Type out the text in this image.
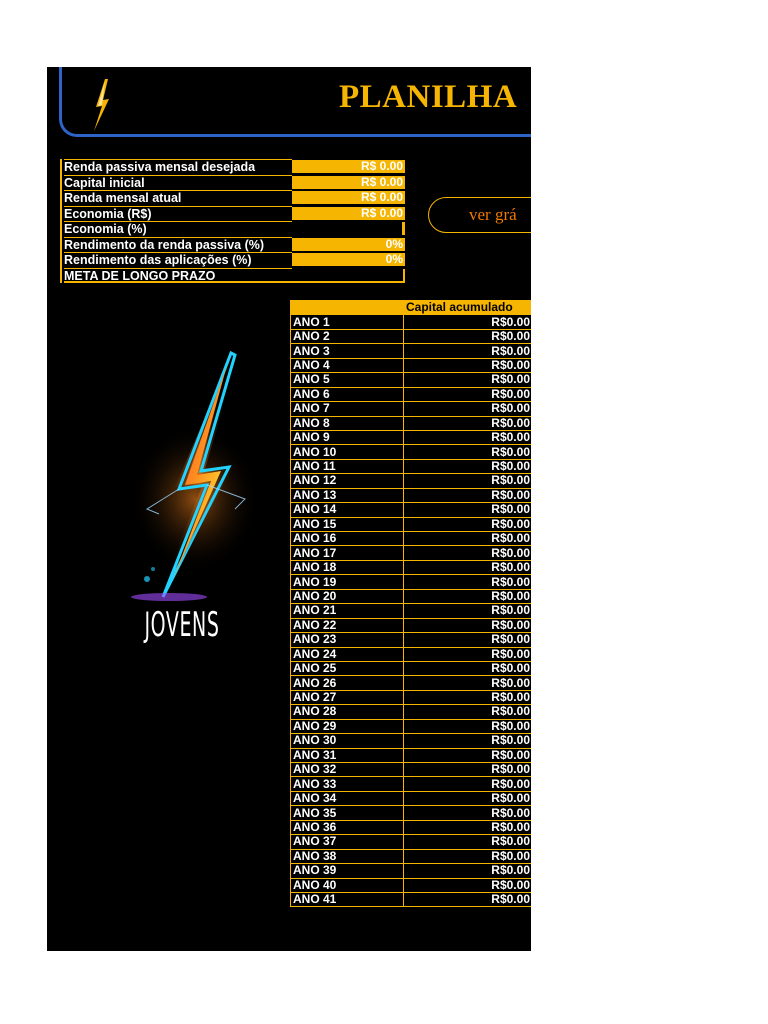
PLANILHA
Renda passiva mensal desejada	R$ 0.00
Capital inicial	R$ 0.00
Renda mensal atual	R$ 0.00
Economia (R$)	R$ 0.00
Economia (%)
Rendimento da renda passiva (%)	0%
Rendimento das aplicações (%)	0%
META DE LONGO PRAZO
ver grá
JOVENS
	Capital acumulado
ANO 1	R$0.00
ANO 2	R$0.00
ANO 3	R$0.00
ANO 4	R$0.00
ANO 5	R$0.00
ANO 6	R$0.00
ANO 7	R$0.00
ANO 8	R$0.00
ANO 9	R$0.00
ANO 10	R$0.00
ANO 11	R$0.00
ANO 12	R$0.00
ANO 13	R$0.00
ANO 14	R$0.00
ANO 15	R$0.00
ANO 16	R$0.00
ANO 17	R$0.00
ANO 18	R$0.00
ANO 19	R$0.00
ANO 20	R$0.00
ANO 21	R$0.00
ANO 22	R$0.00
ANO 23	R$0.00
ANO 24	R$0.00
ANO 25	R$0.00
ANO 26	R$0.00
ANO 27	R$0.00
ANO 28	R$0.00
ANO 29	R$0.00
ANO 30	R$0.00
ANO 31	R$0.00
ANO 32	R$0.00
ANO 33	R$0.00
ANO 34	R$0.00
ANO 35	R$0.00
ANO 36	R$0.00
ANO 37	R$0.00
ANO 38	R$0.00
ANO 39	R$0.00
ANO 40	R$0.00
ANO 41	R$0.00
